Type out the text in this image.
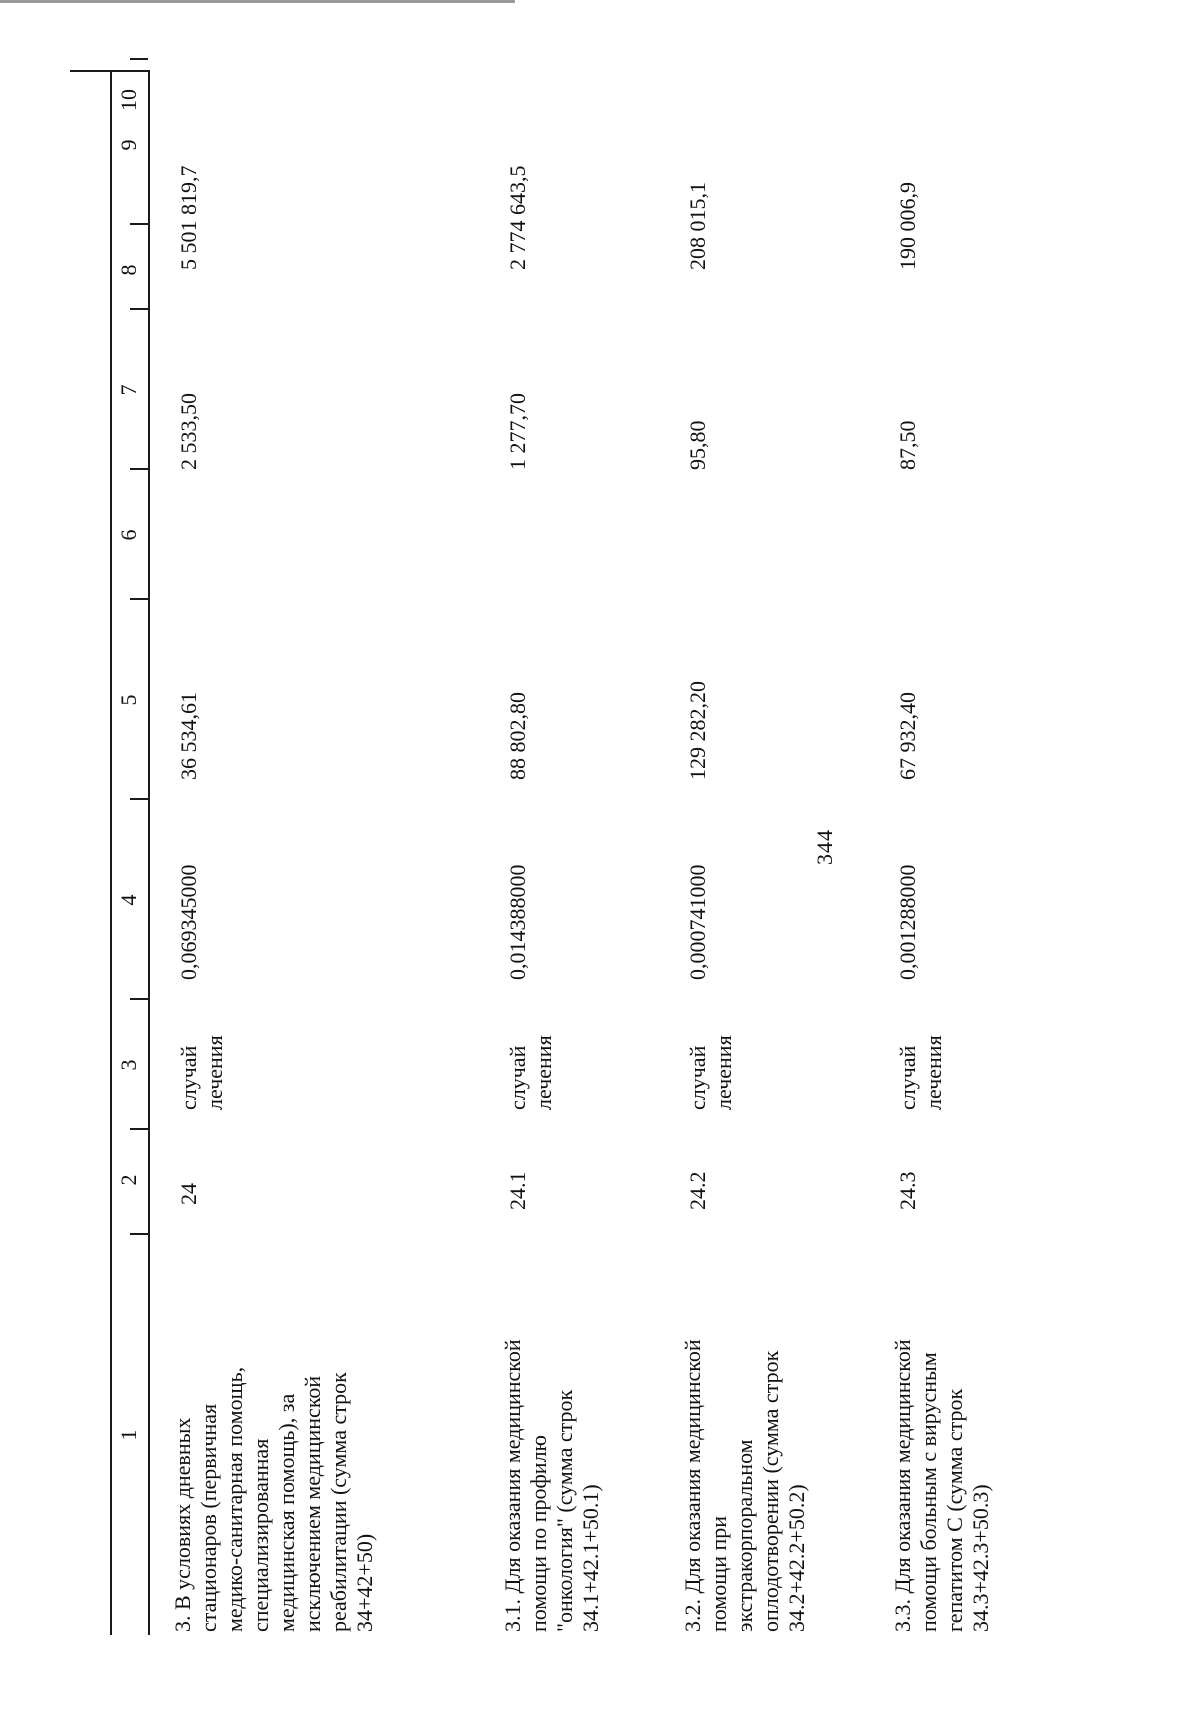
344
1
2
3
4
5
6
7
8
9
10
3. В условиях дневных стационаров (первичная медико-санитарная помощь, специализированная медицинская помощь), за исключением медицинской реабилитации (сумма строк 34+42+50)
24
случай лечения
0,069345000
36 534,61
2 533,50
5 501 819,7
3.1. Для оказания медицинской помощи по профилю "онкология" (сумма строк 34.1+42.1+50.1)
24.1
случай лечения
0,014388000
88 802,80
1 277,70
2 774 643,5
3.2. Для оказания медицинской помощи при экстракорпоральном оплодотворении (сумма строк 34.2+42.2+50.2)
24.2
случай лечения
0,000741000
129 282,20
95,80
208 015,1
3.3. Для оказания медицинской помощи больным с вирусным гепатитом C (сумма строк 34.3+42.3+50.3)
24.3
случай лечения
0,001288000
67 932,40
87,50
190 006,9
